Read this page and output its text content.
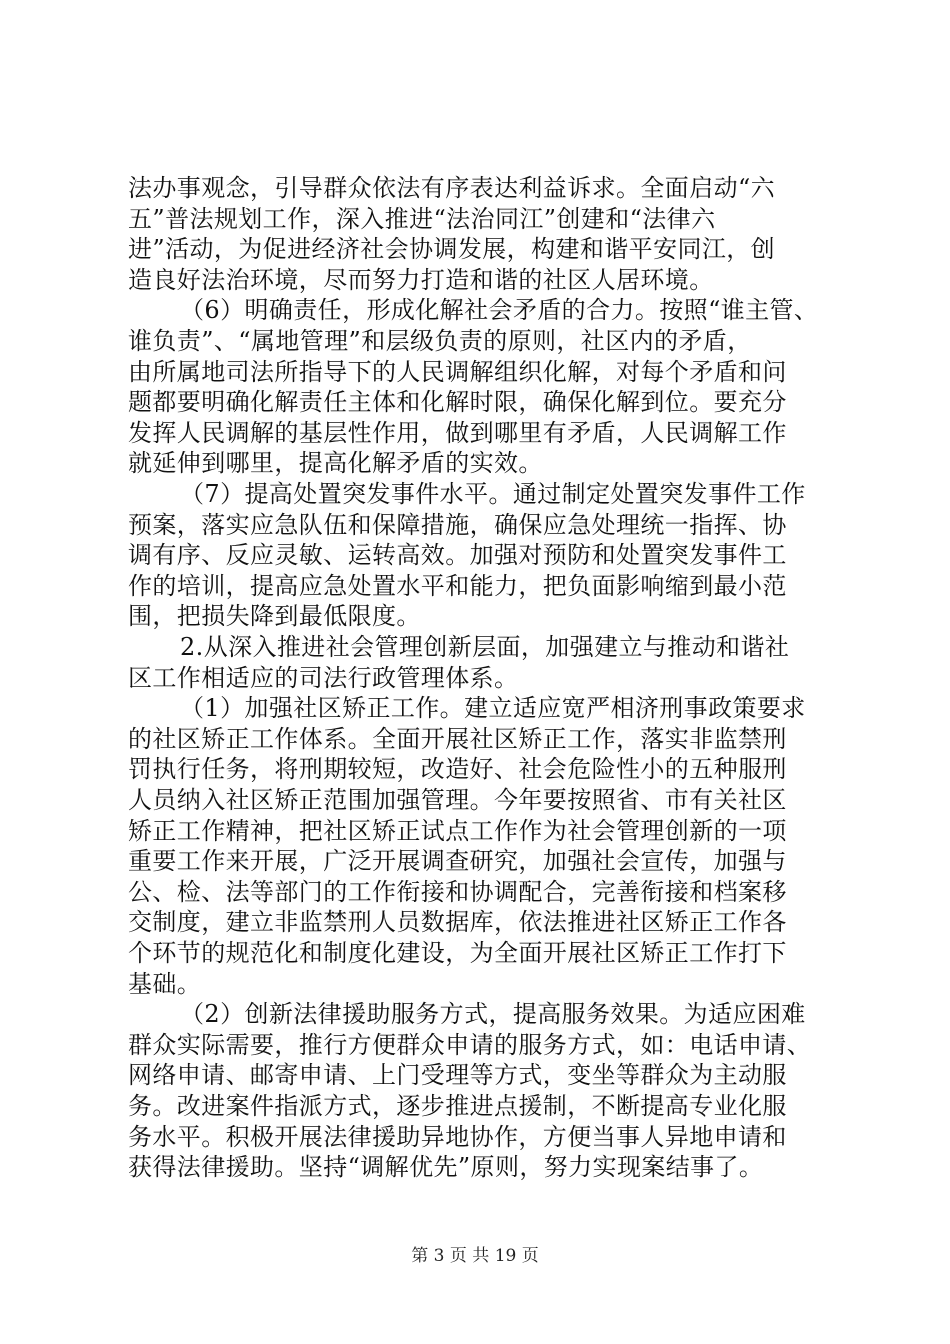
法办事观念，引导群众依法有序表达利益诉求。全面启动“六
五”普法规划工作，深入推进“法治同江”创建和“法律六
进”活动，为促进经济社会协调发展，构建和谐平安同江，创
造良好法治环境，尽而努力打造和谐的社区人居环境。
（6）明确责任，形成化解社会矛盾的合力。按照“谁主管、
谁负责”、“属地管理”和层级负责的原则，社区内的矛盾，
由所属地司法所指导下的人民调解组织化解，对每个矛盾和问
题都要明确化解责任主体和化解时限，确保化解到位。要充分
发挥人民调解的基层性作用，做到哪里有矛盾，人民调解工作
就延伸到哪里，提高化解矛盾的实效。
（7）提高处置突发事件水平。通过制定处置突发事件工作
预案，落实应急队伍和保障措施，确保应急处理统一指挥、协
调有序、反应灵敏、运转高效。加强对预防和处置突发事件工
作的培训，提高应急处置水平和能力，把负面影响缩到最小范
围，把损失降到最低限度。
2.从深入推进社会管理创新层面，加强建立与推动和谐社
区工作相适应的司法行政管理体系。
（1）加强社区矫正工作。建立适应宽严相济刑事政策要求
的社区矫正工作体系。全面开展社区矫正工作，落实非监禁刑
罚执行任务，将刑期较短，改造好、社会危险性小的五种服刑
人员纳入社区矫正范围加强管理。今年要按照省、市有关社区
矫正工作精神，把社区矫正试点工作作为社会管理创新的一项
重要工作来开展，广泛开展调查研究，加强社会宣传，加强与
公、检、法等部门的工作衔接和协调配合，完善衔接和档案移
交制度，建立非监禁刑人员数据库，依法推进社区矫正工作各
个环节的规范化和制度化建设，为全面开展社区矫正工作打下
基础。
（2）创新法律援助服务方式，提高服务效果。为适应困难
群众实际需要，推行方便群众申请的服务方式，如：电话申请、
网络申请、邮寄申请、上门受理等方式，变坐等群众为主动服
务。改进案件指派方式，逐步推进点援制，不断提高专业化服
务水平。积极开展法律援助异地协作，方便当事人异地申请和
获得法律援助。坚持“调解优先”原则，努力实现案结事了。
第 3 页 共 19 页
